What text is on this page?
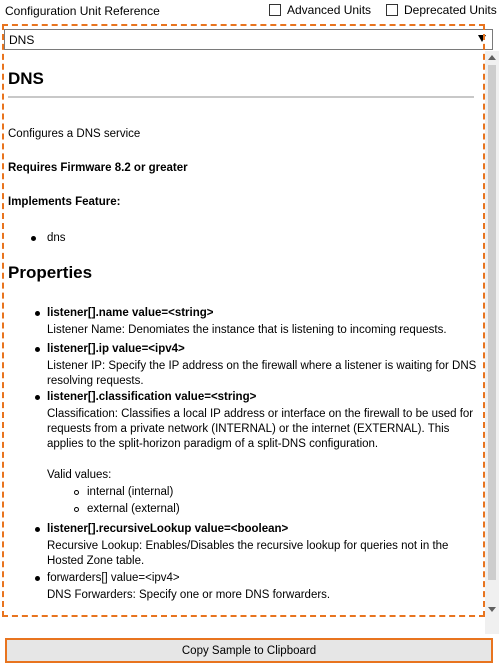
Configuration Unit Reference	Advanced Units	Deprecated Units
DNS
DNS
Configures a DNS service
Requires Firmware 8.2 or greater
Implements Feature:
dns
Properties
listener[].name value=<string>
Listener Name: Denomiates the instance that is listening to incoming requests.
listener[].ip value=<ipv4>
Listener IP: Specify the IP address on the firewall where a listener is waiting for DNS resolving requests.
listener[].classification value=<string>
Classification: Classifies a local IP address or interface on the firewall to be used for requests from a private network (INTERNAL) or the internet (EXTERNAL). This applies to the split-horizon paradigm of a split-DNS configuration.
Valid values:
internal (internal)
external (external)
listener[].recursiveLookup value=<boolean>
Recursive Lookup: Enables/Disables the recursive lookup for queries not in the Hosted Zone table.
forwarders[] value=<ipv4>
DNS Forwarders: Specify one or more DNS forwarders.
Copy Sample to Clipboard
